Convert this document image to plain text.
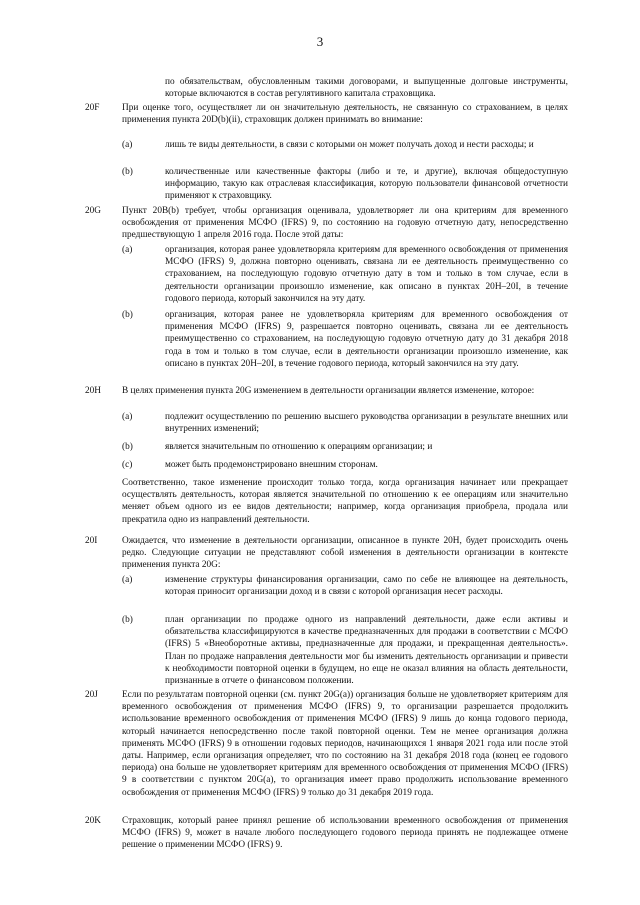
3
по обязательствам, обусловленным такими договорами, и выпущенные долговые инструменты, которые включаются в состав регулятивного капитала страховщика.
20F При оценке того, осуществляет ли он значительную деятельность, не связанную со страхованием, в целях применения пункта 20D(b)(ii), страховщик должен принимать во внимание:
(a)	лишь те виды деятельности, в связи с которыми он может получать доход и нести расходы; и
(b)	количественные или качественные факторы (либо и те, и другие), включая общедоступную информацию, такую как отраслевая классификация, которую пользователи финансовой отчетности применяют к страховщику.
20G Пункт 20B(b) требует, чтобы организация оценивала, удовлетворяет ли она критериям для временного освобождения от применения МСФО (IFRS) 9, по состоянию на годовую отчетную дату, непосредственно предшествующую 1 апреля 2016 года. После этой даты:
(a)	организация, которая ранее удовлетворяла критериям для временного освобождения от применения МСФО (IFRS) 9, должна повторно оценивать, связана ли ее деятельность преимущественно со страхованием, на последующую годовую отчетную дату в том и только в том случае, если в деятельности организации произошло изменение, как описано в пунктах 20H–20I, в течение годового периода, который закончился на эту дату.
(b)	организация, которая ранее не удовлетворяла критериям для временного освобождения от применения МСФО (IFRS) 9, разрешается повторно оценивать, связана ли ее деятельность преимущественно со страхованием, на последующую годовую отчетную дату до 31 декабря 2018 года в том и только в том случае, если в деятельности организации произошло изменение, как описано в пунктах 20H–20I, в течение годового периода, который закончился на эту дату.
20H В целях применения пункта 20G изменением в деятельности организации является изменение, которое:
(a)	подлежит осуществлению по решению высшего руководства организации в результате внешних или внутренних изменений;
(b)	является значительным по отношению к операциям организации; и
(c)	может быть продемонстрировано внешним сторонам.
Соответственно, такое изменение происходит только тогда, когда организация начинает или прекращает осуществлять деятельность, которая является значительной по отношению к ее операциям или значительно меняет объем одного из ее видов деятельности; например, когда организация приобрела, продала или прекратила одно из направлений деятельности.
20I	Ожидается, что изменение в деятельности организации, описанное в пункте 20H, будет происходить очень редко. Следующие ситуации не представляют собой изменения в деятельности организации в контексте применения пункта 20G:
(a)	изменение структуры финансирования организации, само по себе не влияющее на деятельность, которая приносит организации доход и в связи с которой организация несет расходы.
(b)	план организации по продаже одного из направлений деятельности, даже если активы и обязательства классифицируются в качестве предназначенных для продажи в соответствии с МСФО (IFRS) 5 «Внеоборотные активы, предназначенные для продажи, и прекращенная деятельность». План по продаже направления деятельности мог бы изменить деятельность организации и привести к необходимости повторной оценки в будущем, но еще не оказал влияния на область деятельности, признанные в отчете о финансовом положении.
20J	Если по результатам повторной оценки (см. пункт 20G(a)) организация больше не удовлетворяет критериям для временного освобождения от применения МСФО (IFRS) 9, то организации разрешается продолжить использование временного освобождения от применения МСФО (IFRS) 9 лишь до конца годового периода, который начинается непосредственно после такой повторной оценки. Тем не менее организация должна применять МСФО (IFRS) 9 в отношении годовых периодов, начинающихся 1 января 2021 года или после этой даты. Например, если организация определяет, что по состоянию на 31 декабря 2018 года (конец ее годового периода) она больше не удовлетворяет критериям для временного освобождения от применения МСФО (IFRS) 9 в соответствии с пунктом 20G(a), то организация имеет право продолжить использование временного освобождения от применения МСФО (IFRS) 9 только до 31 декабря 2019 года.
20K Страховщик, который ранее принял решение об использовании временного освобождения от применения МСФО (IFRS) 9, может в начале любого последующего годового периода принять не подлежащее отмене решение о применении МСФО (IFRS) 9.
